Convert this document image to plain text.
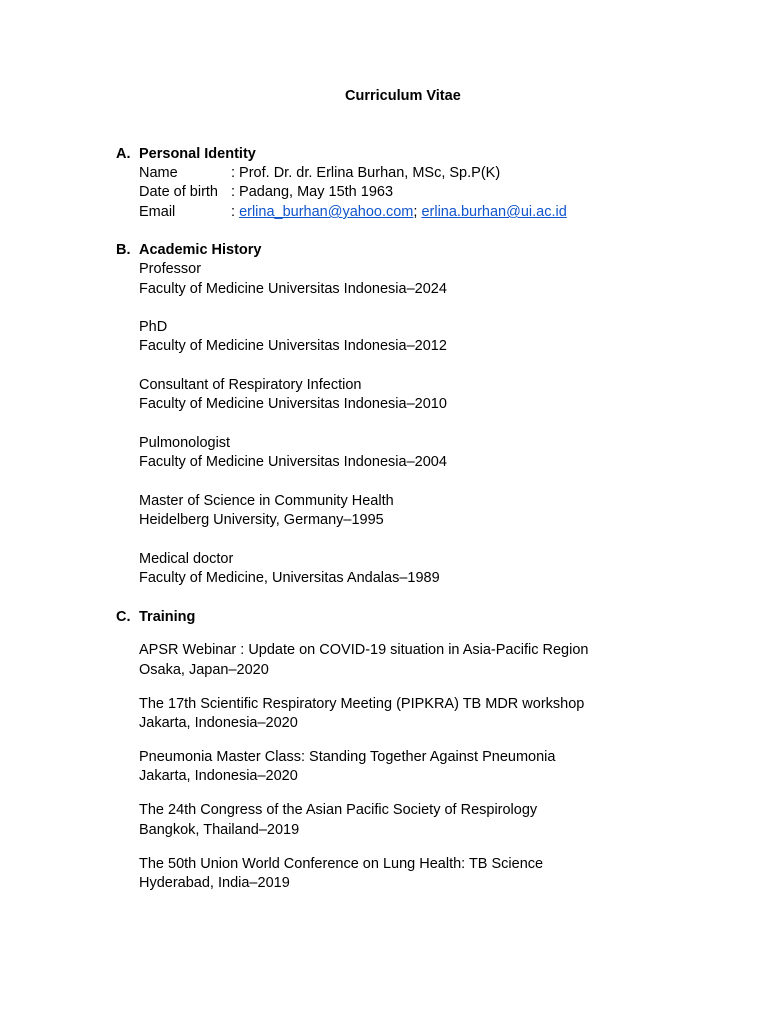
Curriculum Vitae
A. Personal Identity
Name	: Prof. Dr. dr. Erlina Burhan, MSc, Sp.P(K)
Date of birth : Padang, May 15th 1963
Email	: erlina_burhan@yahoo.com; erlina.burhan@ui.ac.id
B. Academic History
Professor
Faculty of Medicine Universitas Indonesia–2024
PhD
Faculty of Medicine Universitas Indonesia–2012
Consultant of Respiratory Infection
Faculty of Medicine Universitas Indonesia–2010
Pulmonologist
Faculty of Medicine Universitas Indonesia–2004
Master of Science in Community Health
Heidelberg University, Germany–1995
Medical doctor
Faculty of Medicine, Universitas Andalas–1989
C. Training
APSR Webinar : Update on COVID-19 situation in Asia-Pacific Region
Osaka, Japan–2020
The 17th Scientific Respiratory Meeting (PIPKRA) TB MDR workshop
Jakarta, Indonesia–2020
Pneumonia Master Class: Standing Together Against Pneumonia
Jakarta, Indonesia–2020
The 24th Congress of the Asian Pacific Society of Respirology
Bangkok, Thailand–2019
The 50th Union World Conference on Lung Health: TB Science
Hyderabad, India–2019
